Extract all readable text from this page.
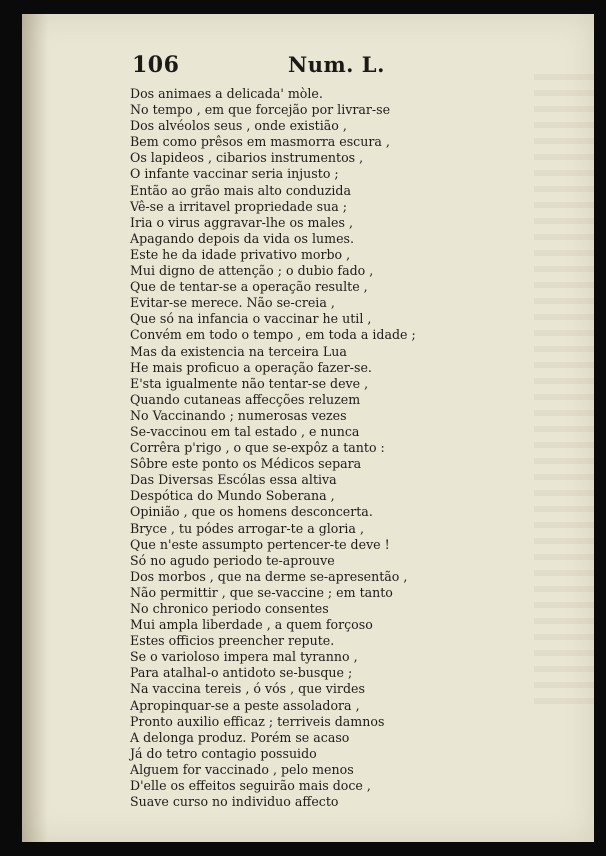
106	Num. L.
Dos animaes a delicada' mòle.
No tempo , em que forcejão por livrar-se
Dos alvéolos seus , onde existião ,
Bem como prêsos em masmorra escura ,
Os lapideos , cibarios instrumentos ,
O infante vaccinar seria injusto ;
Então ao grão mais alto conduzida
Vê-se a irritavel propriedade sua ;
Iria o virus aggravar-lhe os males ,
Apagando depois da vida os lumes.
Este he da idade privativo morbo ,
Mui digno de attenção ; o dubio fado ,
Que de tentar-se a operação resulte ,
Evitar-se merece. Não se-creia ,
Que só na infancia o vaccinar he util ,
Convém em todo o tempo , em toda a idade ;
Mas da existencia na terceira Lua
He mais proficuo a operação fazer-se.
E'sta igualmente não tentar-se deve ,
Quando cutaneas affecções reluzem
No Vaccinando ; numerosas vezes
Se-vaccinou em tal estado , e nunca
Corrêra p'rigo , o que se-expôz a tanto :
Sôbre este ponto os Médicos separa
Das Diversas Escólas essa altiva
Despótica do Mundo Soberana ,
Opinião , que os homens desconcerta.
Bryce , tu pódes arrogar-te a gloria ,
Que n'este assumpto pertencer-te deve !
Só no agudo periodo te-aprouve
Dos morbos , que na derme se-apresentão ,
Não permittir , que se-vaccine ; em tanto
No chronico periodo consentes
Mui ampla liberdade , a quem forçoso
Estes officios preencher repute.
Se o varioloso impera mal tyranno ,
Para atalhal-o antidoto se-busque ;
Na vaccina tereis , ó vós , que virdes
Apropinquar-se a peste assoladora ,
Pronto auxilio efficaz ; terriveis damnos
A delonga produz. Porém se acaso
Já do tetro contagio possuido
Alguem for vaccinado , pelo menos
D'elle os effeitos seguirão mais doce ,
Suave curso no individuo affecto
